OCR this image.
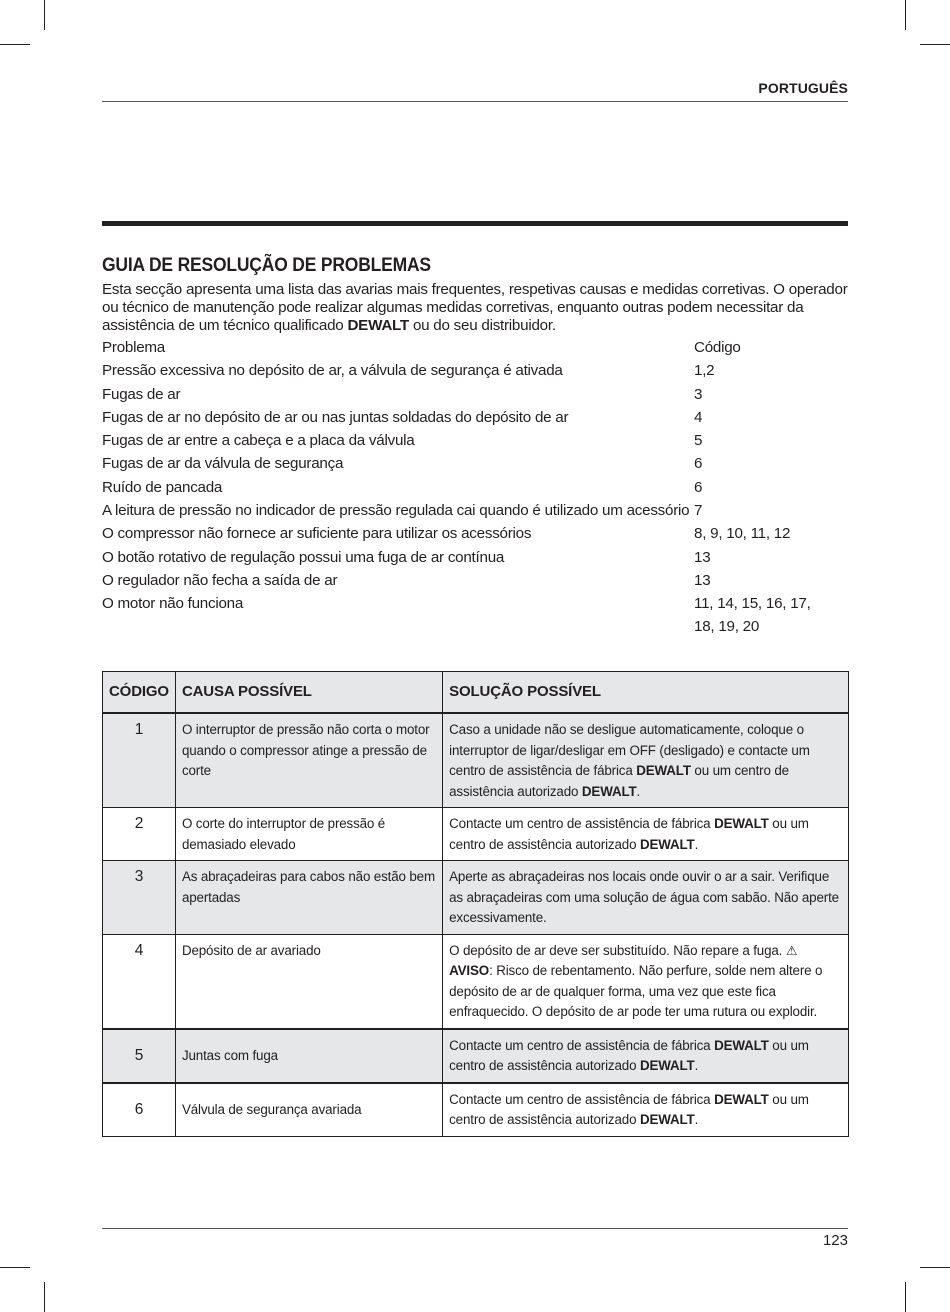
PORTUGUÊS
GUIA DE RESOLUÇÃO DE PROBLEMAS

Esta secção apresenta uma lista das avarias mais frequentes, respetivas causas e medidas corretivas. O operador ou técnico de manutenção pode realizar algumas medidas corretivas, enquanto outras podem necessitar da assistência de um técnico qualificado DEWALT ou do seu distribuidor.

Problema	Código
Pressão excessiva no depósito de ar, a válvula de segurança é ativada	1,2
Fugas de ar	3
Fugas de ar no depósito de ar ou nas juntas soldadas do depósito de ar	4
Fugas de ar entre a cabeça e a placa da válvula	5
Fugas de ar da válvula de segurança	6
Ruído de pancada	6
A leitura de pressão no indicador de pressão regulada cai quando é utilizado um acessório 7
O compressor não fornece ar suficiente para utilizar os acessórios	8, 9, 10, 11, 12
O botão rotativo de regulação possui uma fuga de ar contínua	13
O regulador não fecha a saída de ar	13
O motor não funciona	11, 14, 15, 16, 17,
18, 19, 20
CÓDIGO	CAUSA POSSÍVEL	SOLUÇÃO POSSÍVEL
1	O interruptor de pressão não corta o motor quando o compressor atinge a pressão de corte	Caso a unidade não se desligue automaticamente, coloque o interruptor de ligar/desligar em OFF (desligado) e contacte um centro de assistência de fábrica DEWALT ou um centro de assistência autorizado DEWALT.
2	O corte do interruptor de pressão é demasiado elevado	Contacte um centro de assistência de fábrica DEWALT ou um centro de assistência autorizado DEWALT.
3	As abraçadeiras para cabos não estão bem apertadas	Aperte as abraçadeiras nos locais onde ouvir o ar a sair. Verifique as abraçadeiras com uma solução de água com sabão. Não aperte excessivamente.
4	Depósito de ar avariado	O depósito de ar deve ser substituído. Não repare a fuga. ⚠ AVISO: Risco de rebentamento. Não perfure, solde nem altere o depósito de ar de qualquer forma, uma vez que este fica enfraquecido. O depósito de ar pode ter uma rutura ou explodir.
5	Juntas com fuga	Contacte um centro de assistência de fábrica DEWALT ou um centro de assistência autorizado DEWALT.
6	Válvula de segurança avariada	Contacte um centro de assistência de fábrica DEWALT ou um centro de assistência autorizado DEWALT.
123
